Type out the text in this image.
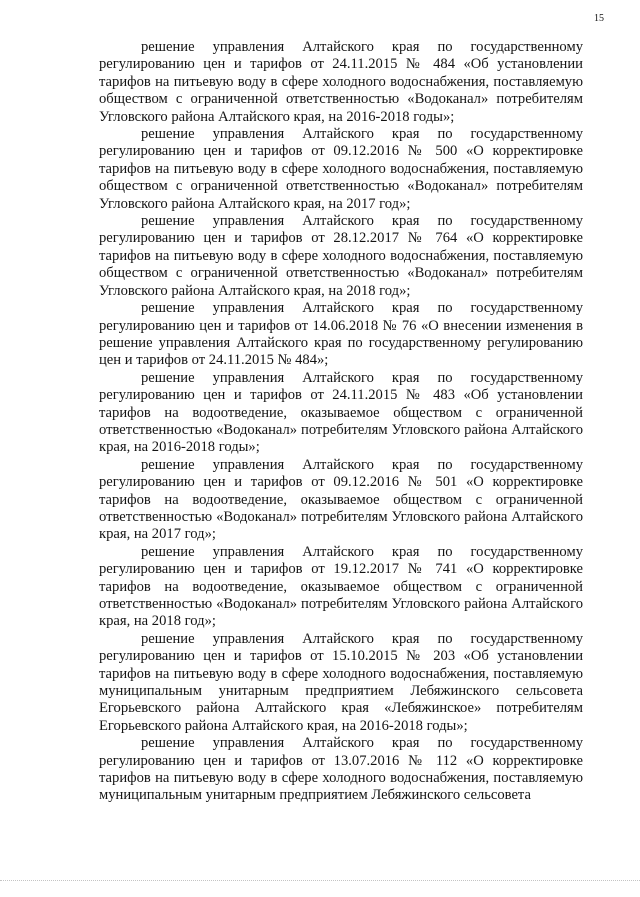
15

решение управления Алтайского края по государственному регулированию цен и тарифов от 24.11.2015 № 484 «Об установлении тарифов на питьевую воду в сфере холодного водоснабжения, поставляемую обществом с ограниченной ответственностью «Водоканал» потребителям Угловского района Алтайского края, на 2016-2018 годы»;

решение управления Алтайского края по государственному регулированию цен и тарифов от 09.12.2016 № 500 «О корректировке тарифов на питьевую воду в сфере холодного водоснабжения, поставляемую обществом с ограниченной ответственностью «Водоканал» потребителям Угловского района Алтайского края, на 2017 год»;

решение управления Алтайского края по государственному регулированию цен и тарифов от 28.12.2017 № 764 «О корректировке тарифов на питьевую воду в сфере холодного водоснабжения, поставляемую обществом с ограниченной ответственностью «Водоканал» потребителям Угловского района Алтайского края, на 2018 год»;

решение управления Алтайского края по государственному регулированию цен и тарифов от 14.06.2018 № 76 «О внесении изменения в решение управления Алтайского края по государственному регулированию цен и тарифов от 24.11.2015 № 484»;

решение управления Алтайского края по государственному регулированию цен и тарифов от 24.11.2015 № 483 «Об установлении тарифов на водоотведение, оказываемое обществом с ограниченной ответственностью «Водоканал» потребителям Угловского района Алтайского края, на 2016-2018 годы»;

решение управления Алтайского края по государственному регулированию цен и тарифов от 09.12.2016 № 501 «О корректировке тарифов на водоотведение, оказываемое обществом с ограниченной ответственностью «Водоканал» потребителям Угловского района Алтайского края, на 2017 год»;

решение управления Алтайского края по государственному регулированию цен и тарифов от 19.12.2017 № 741 «О корректировке тарифов на водоотведение, оказываемое обществом с ограниченной ответственностью «Водоканал» потребителям Угловского района Алтайского края, на 2018 год»;

решение управления Алтайского края по государственному регулированию цен и тарифов от 15.10.2015 № 203 «Об установлении тарифов на питьевую воду в сфере холодного водоснабжения, поставляемую муниципальным унитарным предприятием Лебяжинского сельсовета Егорьевского района Алтайского края «Лебяжинское» потребителям Егорьевского района Алтайского края, на 2016-2018 годы»;

решение управления Алтайского края по государственному регулированию цен и тарифов от 13.07.2016 № 112 «О корректировке тарифов на питьевую воду в сфере холодного водоснабжения, поставляемую муниципальным унитарным предприятием Лебяжинского сельсовета
